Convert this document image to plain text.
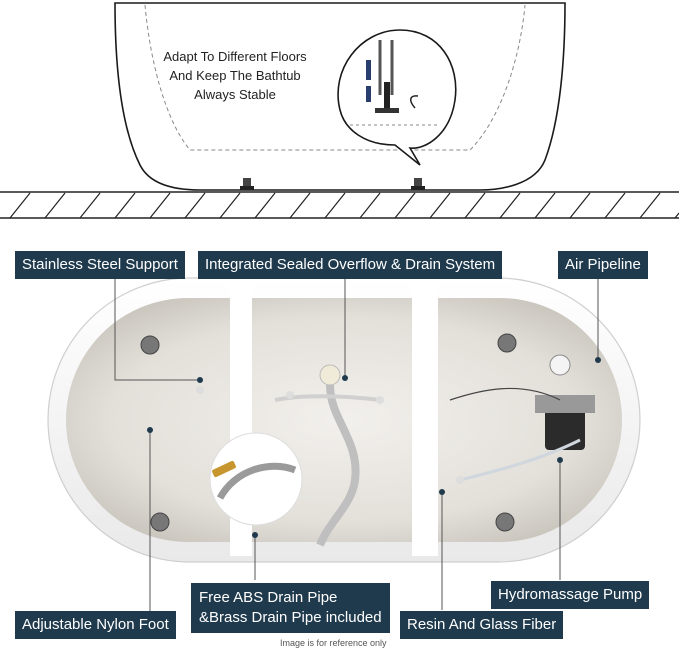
Adapt To Different Floors
And Keep The Bathtub
Always Stable
Stainless Steel Support	Integrated Sealed Overflow & Drain System	Air Pipeline
Hydromassage Pump
Free ABS Drain Pipe
&Brass Drain Pipe included
Adjustable Nylon Foot	Resin And Glass Fiber
Image is for reference only
